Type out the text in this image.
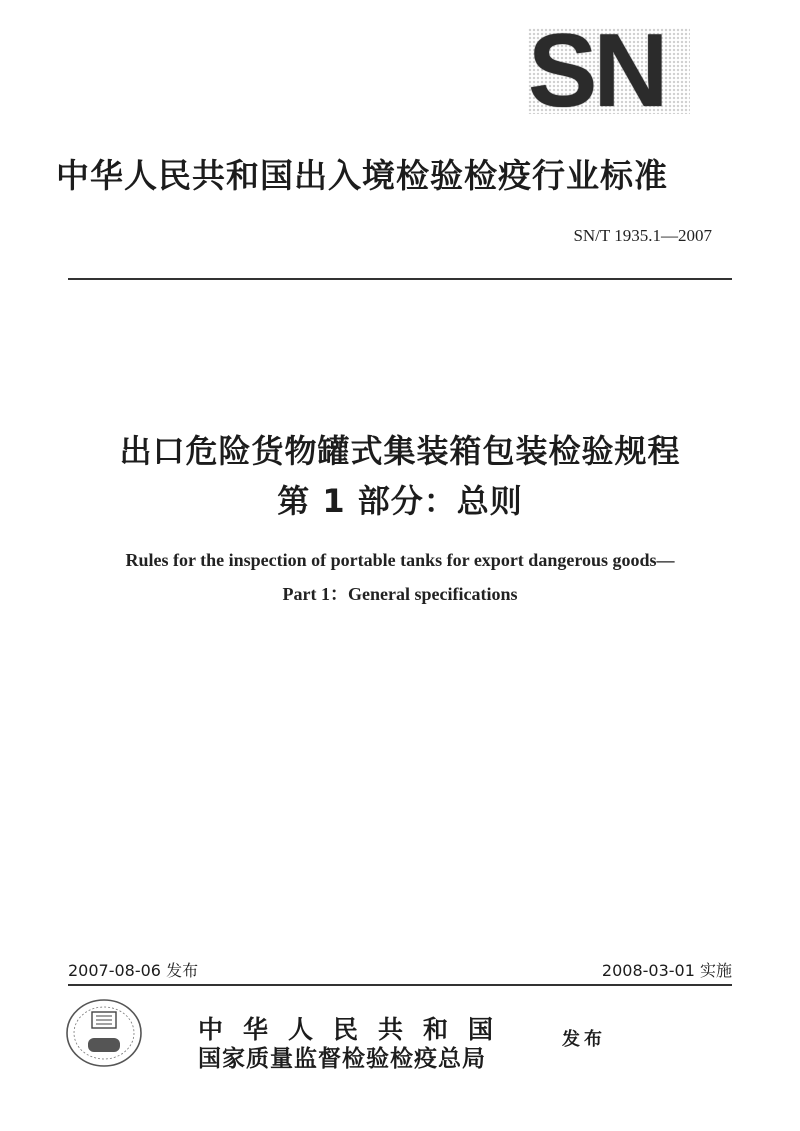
SN
中华人民共和国出入境检验检疫行业标准
SN/T 1935.1—2007
出口危险货物罐式集装箱包装检验规程
第 1 部分：总则
Rules for the inspection of portable tanks for export dangerous goods—
Part 1：General specifications
2007-08-06 发布	2008-03-01 实施
中华人民共和国
国家质量监督检验检疫总局
发布
